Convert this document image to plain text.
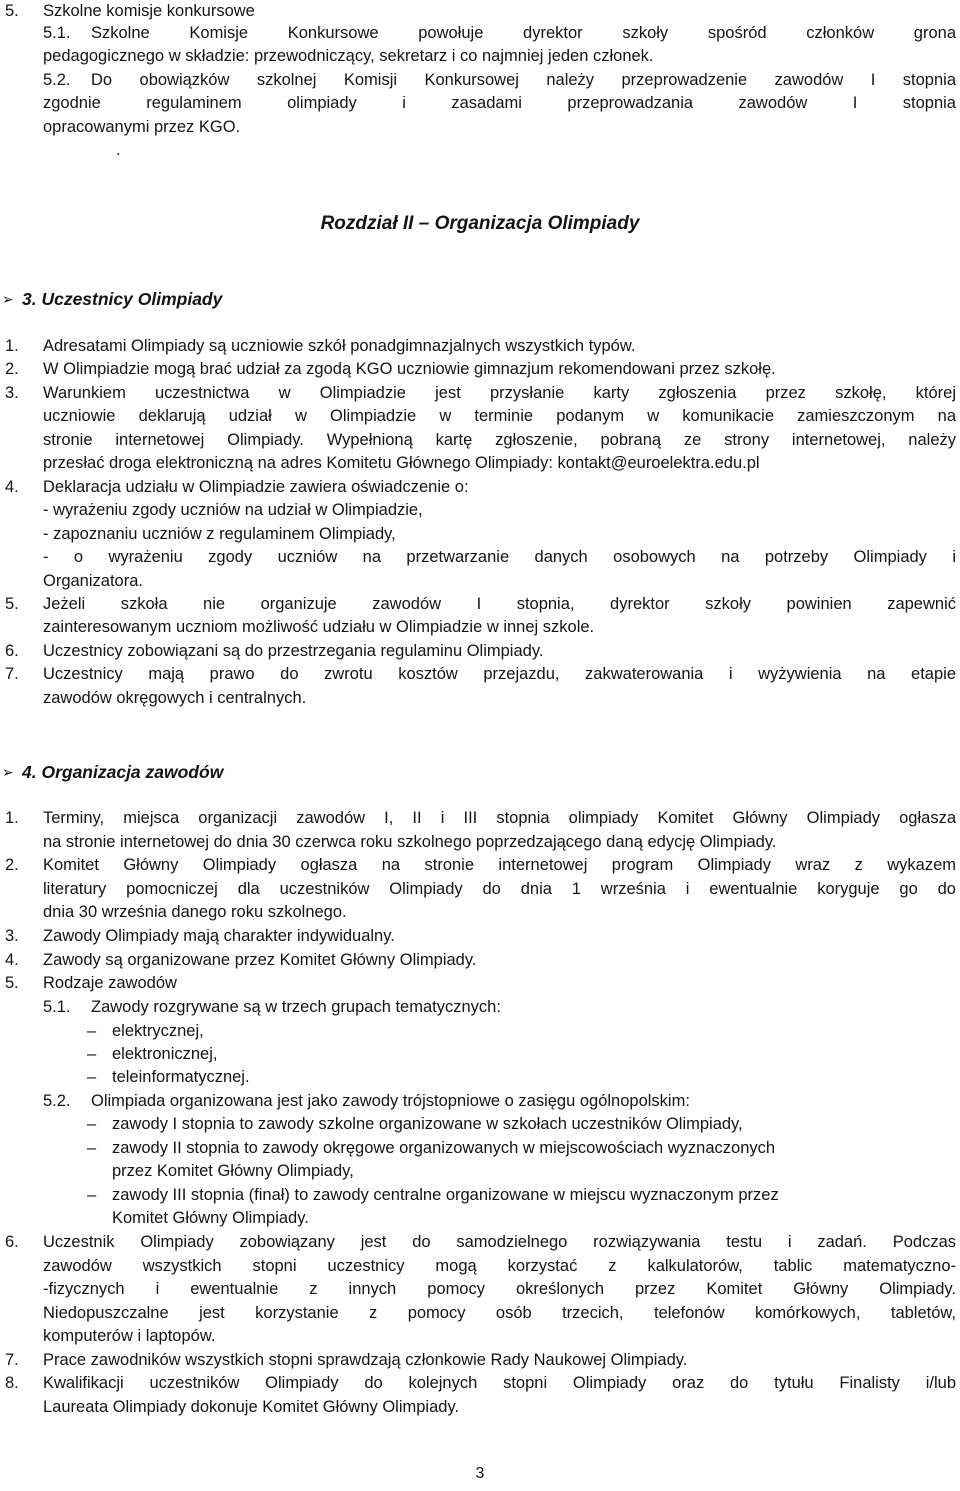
5. Szkolne komisje konkursowe
5.1. Szkolne Komisje Konkursowe powołuje dyrektor szkoły spośród członków grona
pedagogicznego w składzie: przewodniczący, sekretarz i co najmniej jeden członek.
5.2. Do obowiązków szkolnej Komisji Konkursowej należy przeprowadzenie zawodów I stopnia
zgodnie regulaminem olimpiady i zasadami przeprowadzania zawodów I stopnia
opracowanymi przez KGO.
.
Rozdział II – Organizacja Olimpiady
➢ 3. Uczestnicy Olimpiady
1. Adresatami Olimpiady są uczniowie szkół ponadgimnazjalnych wszystkich typów.
2. W Olimpiadzie mogą brać udział za zgodą KGO uczniowie gimnazjum rekomendowani przez szkołę.
3. Warunkiem uczestnictwa w Olimpiadzie jest przysłanie karty zgłoszenia przez szkołę, której
uczniowie deklarują udział w Olimpiadzie w terminie podanym w komunikacie zamieszczonym na
stronie internetowej Olimpiady. Wypełnioną kartę zgłoszenie, pobraną ze strony internetowej, należy
przesłać droga elektroniczną na adres Komitetu Głównego Olimpiady: kontakt@euroelektra.edu.pl
4. Deklaracja udziału w Olimpiadzie zawiera oświadczenie o:
- wyrażeniu zgody uczniów na udział w Olimpiadzie,
- zapoznaniu uczniów z regulaminem Olimpiady,
- o wyrażeniu zgody uczniów na przetwarzanie danych osobowych na potrzeby Olimpiady i
Organizatora.
5. Jeżeli szkoła nie organizuje zawodów I stopnia, dyrektor szkoły powinien zapewnić
zainteresowanym uczniom możliwość udziału w Olimpiadzie w innej szkole.
6. Uczestnicy zobowiązani są do przestrzegania regulaminu Olimpiady.
7. Uczestnicy mają prawo do zwrotu kosztów przejazdu, zakwaterowania i wyżywienia na etapie
zawodów okręgowych i centralnych.
➢ 4. Organizacja zawodów
1. Terminy, miejsca organizacji zawodów I, II i III stopnia olimpiady Komitet Główny Olimpiady ogłasza
na stronie internetowej do dnia 30 czerwca roku szkolnego poprzedzającego daną edycję Olimpiady.
2. Komitet Główny Olimpiady ogłasza na stronie internetowej program Olimpiady wraz z wykazem
literatury pomocniczej dla uczestników Olimpiady do dnia 1 września i ewentualnie koryguje go do
dnia 30 września danego roku szkolnego.
3. Zawody Olimpiady mają charakter indywidualny.
4. Zawody są organizowane przez Komitet Główny Olimpiady.
5. Rodzaje zawodów
5.1. Zawody rozgrywane są w trzech grupach tematycznych:
– elektrycznej,
– elektronicznej,
– teleinformatycznej.
5.2. Olimpiada organizowana jest jako zawody trójstopniowe o zasięgu ogólnopolskim:
– zawody I stopnia to zawody szkolne organizowane w szkołach uczestników Olimpiady,
– zawody II stopnia to zawody okręgowe organizowanych w miejscowościach wyznaczonych
przez Komitet Główny Olimpiady,
– zawody III stopnia (finał) to zawody centralne organizowane w miejscu wyznaczonym przez
Komitet Główny Olimpiady.
6. Uczestnik Olimpiady zobowiązany jest do samodzielnego rozwiązywania testu i zadań. Podczas
zawodów wszystkich stopni uczestnicy mogą korzystać z kalkulatorów, tablic matematyczno-
-fizycznych i ewentualnie z innych pomocy określonych przez Komitet Główny Olimpiady.
Niedopuszczalne jest korzystanie z pomocy osób trzecich, telefonów komórkowych, tabletów,
komputerów i laptopów.
7. Prace zawodników wszystkich stopni sprawdzają członkowie Rady Naukowej Olimpiady.
8. Kwalifikacji uczestników Olimpiady do kolejnych stopni Olimpiady oraz do tytułu Finalisty i/lub
Laureata Olimpiady dokonuje Komitet Główny Olimpiady.
3
